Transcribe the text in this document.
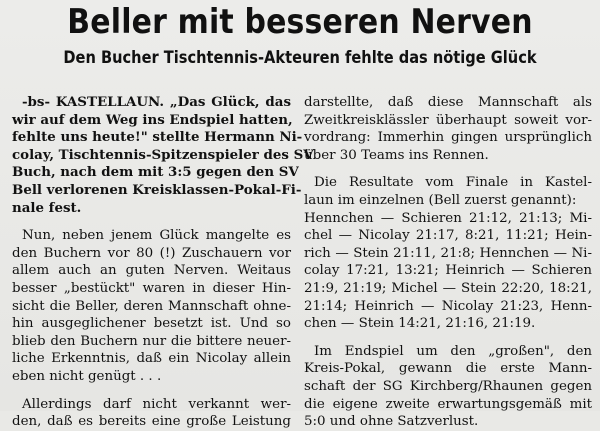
Beller mit besseren Nerven
Den Bucher Tischtennis-Akteuren fehlte das nötige Glück
-bs- KASTELLAUN. „Das Glück, das
wir auf dem Weg ins Endspiel hatten,
fehlte uns heute!" stellte Hermann Ni-
colay, Tischtennis-Spitzenspieler des SV
Buch, nach dem mit 3:5 gegen den SV
Bell verlorenen Kreisklassen-Pokal-Fi-
nale fest.
Nun, neben jenem Glück mangelte es
den Buchern vor 80 (!) Zuschauern vor
allem auch an guten Nerven. Weitaus
besser „bestückt" waren in dieser Hin-
sicht die Beller, deren Mannschaft ohne-
hin ausgeglichener besetzt ist. Und so
blieb den Buchern nur die bittere neuer-
liche Erkenntnis, daß ein Nicolay allein
eben nicht genügt . . .
Allerdings darf nicht verkannt wer-
den, daß es bereits eine große Leistung
darstellte, daß diese Mannschaft als
Zweitkreisklässler überhaupt soweit vor-
vordrang: Immerhin gingen ursprünglich
über 30 Teams ins Rennen.
Die Resultate vom Finale in Kastel-
laun im einzelnen (Bell zuerst genannt):
Hennchen — Schieren 21:12, 21:13; Mi-
chel — Nicolay 21:17, 8:21, 11:21; Hein-
rich — Stein 21:11, 21:8; Hennchen — Ni-
colay 17:21, 13:21; Heinrich — Schieren
21:9, 21:19; Michel — Stein 22:20, 18:21,
21:14; Heinrich — Nicolay 21:23, Henn-
chen — Stein 14:21, 21:16, 21:19.
Im Endspiel um den „großen", den
Kreis-Pokal, gewann die erste Mann-
schaft der SG Kirchberg/Rhaunen gegen
die eigene zweite erwartungsgemäß mit
5:0 und ohne Satzverlust.
